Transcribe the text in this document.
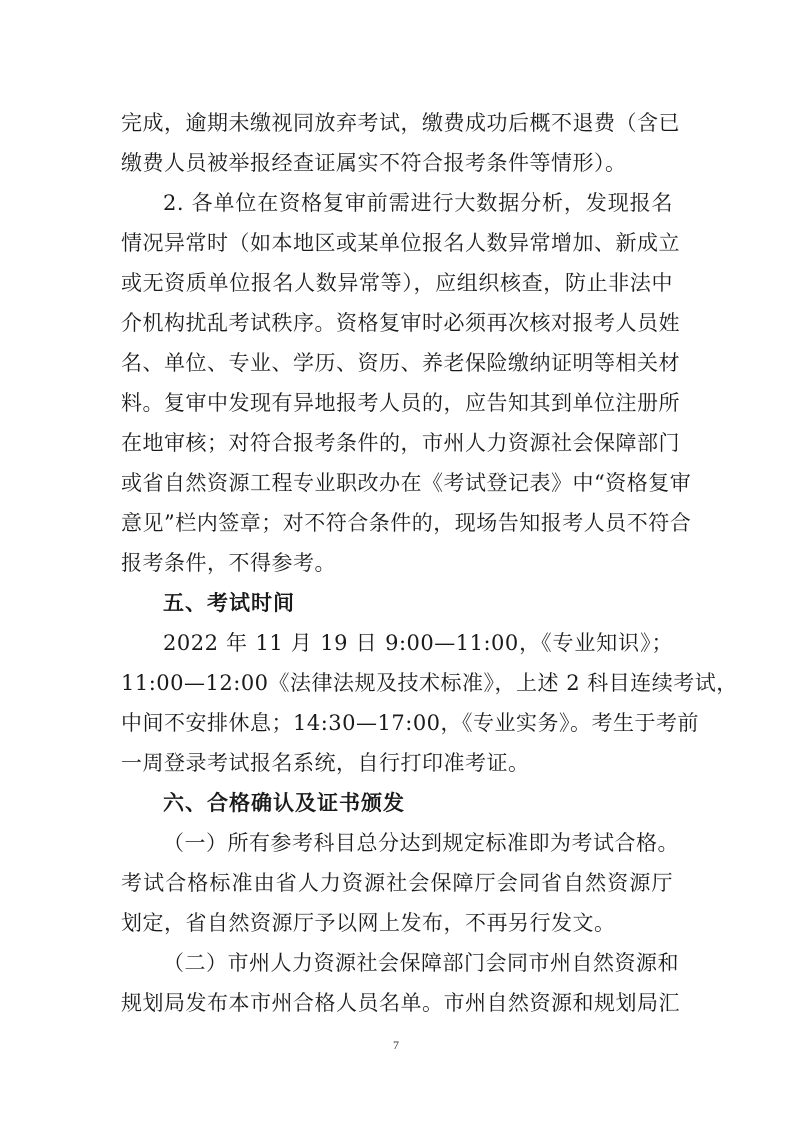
完成，逾期未缴视同放弃考试，缴费成功后概不退费（含已
缴费人员被举报经查证属实不符合报考条件等情形）。
2. 各单位在资格复审前需进行大数据分析，发现报名
情况异常时（如本地区或某单位报名人数异常增加、新成立
或无资质单位报名人数异常等），应组织核查，防止非法中
介机构扰乱考试秩序。资格复审时必须再次核对报考人员姓
名、单位、专业、学历、资历、养老保险缴纳证明等相关材
料。复审中发现有异地报考人员的，应告知其到单位注册所
在地审核；对符合报考条件的，市州人力资源社会保障部门
或省自然资源工程专业职改办在《考试登记表》中“资格复审
意见”栏内签章；对不符合条件的，现场告知报考人员不符合
报考条件，不得参考。
五、考试时间
2022 年 11 月 19 日 9:00—11:00，《专业知识》；
11:00—12:00《法律法规及技术标准》，上述 2 科目连续考试，
中间不安排休息；14:30—17:00，《专业实务》。考生于考前
一周登录考试报名系统，自行打印准考证。
六、合格确认及证书颁发
（一）所有参考科目总分达到规定标准即为考试合格。
考试合格标准由省人力资源社会保障厅会同省自然资源厅
划定，省自然资源厅予以网上发布，不再另行发文。
（二）市州人力资源社会保障部门会同市州自然资源和
规划局发布本市州合格人员名单。市州自然资源和规划局汇
7
